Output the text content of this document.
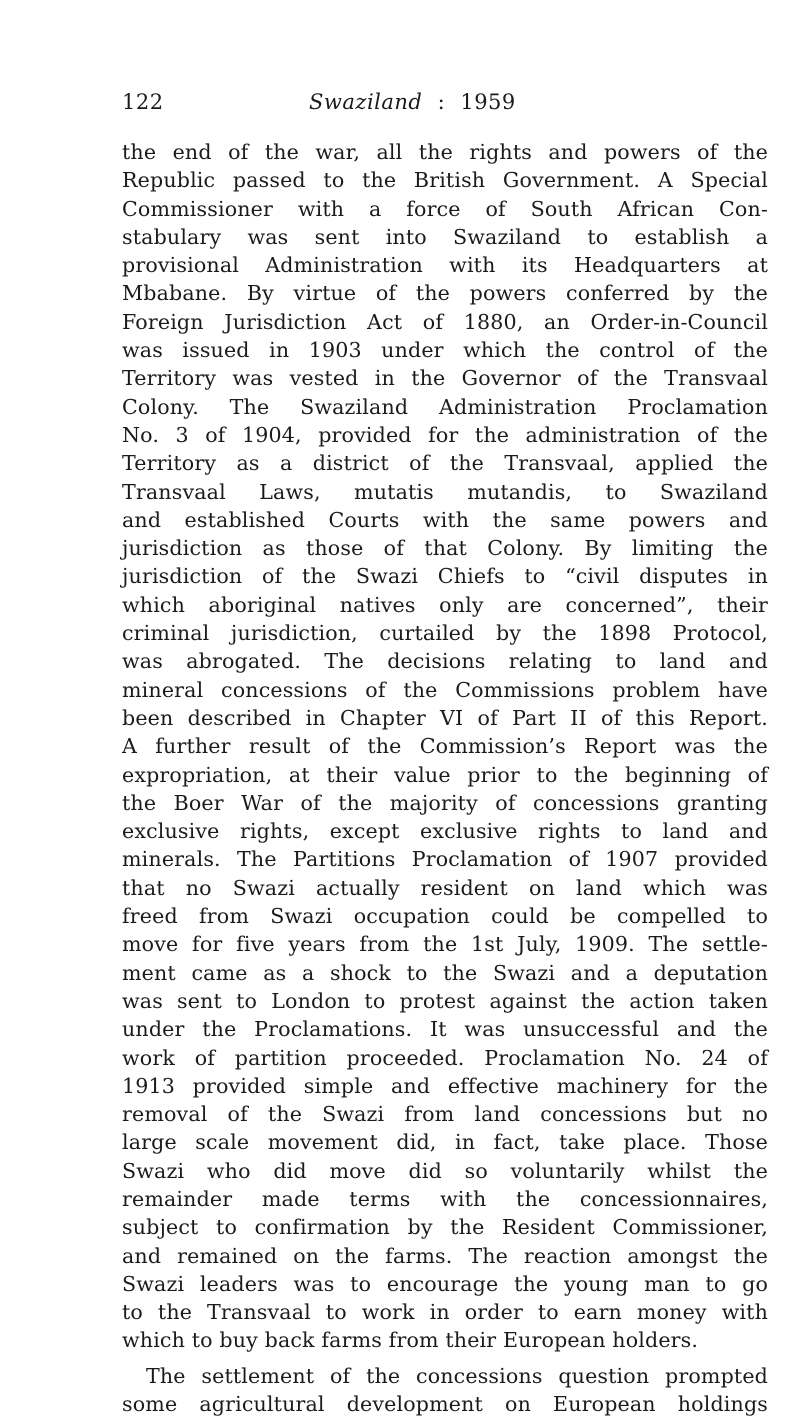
122	Swaziland : 1959
the end of the war, all the rights and powers of the
Republic passed to the British Government. A Special
Commissioner with a force of South African Con-
stabulary was sent into Swaziland to establish a
provisional Administration with its Headquarters at
Mbabane. By virtue of the powers conferred by the
Foreign Jurisdiction Act of 1880, an Order-in-Council
was issued in 1903 under which the control of the
Territory was vested in the Governor of the Transvaal
Colony. The Swaziland Administration Proclamation
No. 3 of 1904, provided for the administration of the
Territory as a district of the Transvaal, applied the
Transvaal Laws, mutatis mutandis, to Swaziland
and established Courts with the same powers and
jurisdiction as those of that Colony. By limiting the
jurisdiction of the Swazi Chiefs to “civil disputes in
which aboriginal natives only are concerned”, their
criminal jurisdiction, curtailed by the 1898 Protocol,
was abrogated. The decisions relating to land and
mineral concessions of the Commissions problem have
been described in Chapter VI of Part II of this Report.
A further result of the Commission’s Report was the
expropriation, at their value prior to the beginning of
the Boer War of the majority of concessions granting
exclusive rights, except exclusive rights to land and
minerals. The Partitions Proclamation of 1907 provided
that no Swazi actually resident on land which was
freed from Swazi occupation could be compelled to
move for five years from the 1st July, 1909. The settle-
ment came as a shock to the Swazi and a deputation
was sent to London to protest against the action taken
under the Proclamations. It was unsuccessful and the
work of partition proceeded. Proclamation No. 24 of
1913 provided simple and effective machinery for the
removal of the Swazi from land concessions but no
large scale movement did, in fact, take place. Those
Swazi who did move did so voluntarily whilst the
remainder made terms with the concessionnaires,
subject to confirmation by the Resident Commissioner,
and remained on the farms. The reaction amongst the
Swazi leaders was to encourage the young man to go
to the Transvaal to work in order to earn money with
which to buy back farms from their European holders.
The settlement of the concessions question prompted
some agricultural development on European holdings
